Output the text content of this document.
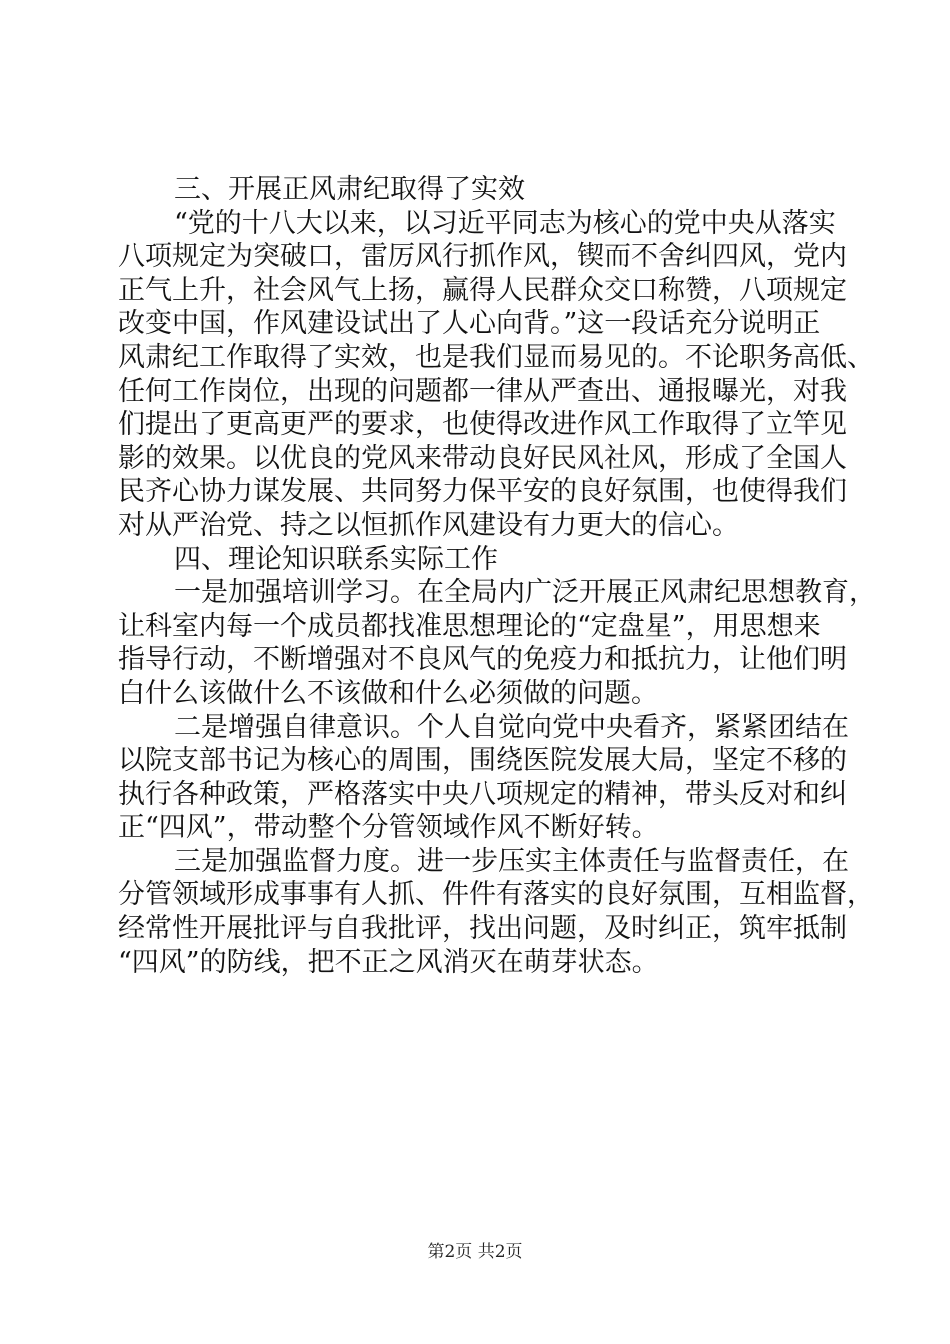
三、开展正风肃纪取得了实效
“党的十八大以来，以习近平同志为核心的党中央从落实
八项规定为突破口，雷厉风行抓作风，锲而不舍纠四风，党内
正气上升，社会风气上扬，赢得人民群众交口称赞，八项规定
改变中国，作风建设试出了人心向背。”这一段话充分说明正
风肃纪工作取得了实效，也是我们显而易见的。不论职务高低、
任何工作岗位，出现的问题都一律从严查出、通报曝光，对我
们提出了更高更严的要求，也使得改进作风工作取得了立竿见
影的效果。以优良的党风来带动良好民风社风，形成了全国人
民齐心协力谋发展、共同努力保平安的良好氛围，也使得我们
对从严治党、持之以恒抓作风建设有力更大的信心。
四、理论知识联系实际工作
一是加强培训学习。在全局内广泛开展正风肃纪思想教育，
让科室内每一个成员都找准思想理论的“定盘星”，用思想来
指导行动，不断增强对不良风气的免疫力和抵抗力，让他们明
白什么该做什么不该做和什么必须做的问题。
二是增强自律意识。个人自觉向党中央看齐，紧紧团结在
以院支部书记为核心的周围，围绕医院发展大局，坚定不移的
执行各种政策，严格落实中央八项规定的精神，带头反对和纠
正“四风”，带动整个分管领域作风不断好转。
三是加强监督力度。进一步压实主体责任与监督责任，在
分管领域形成事事有人抓、件件有落实的良好氛围，互相监督，
经常性开展批评与自我批评，找出问题，及时纠正，筑牢抵制
“四风”的防线，把不正之风消灭在萌芽状态。
第2页 共2页
